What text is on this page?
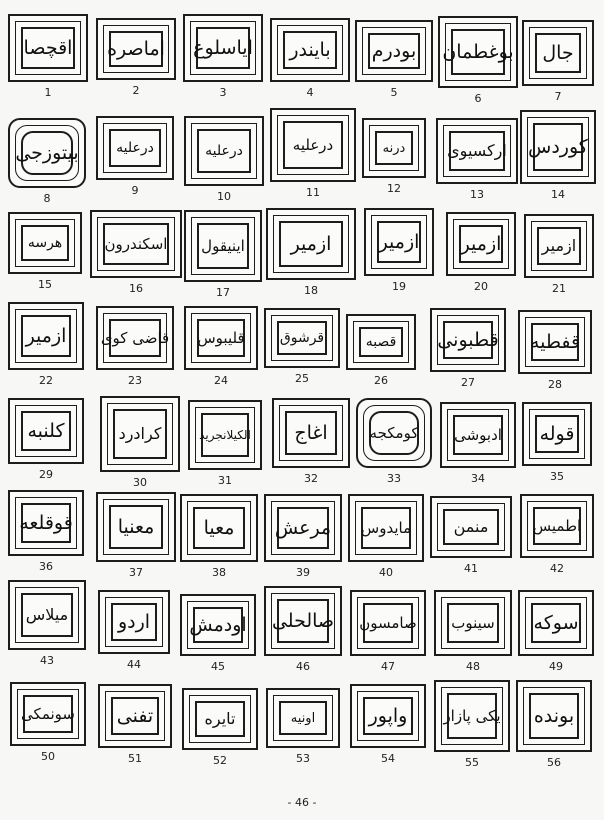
اقچصا
1
اماصره
2
ایاسلوغ
3
بایندر
4
بودرم
5
بوغطمان
6
جال
7
بیتوزجی
8
درعلیه
9
درعلیه
10
درعلیه
11
درنه
12
ارکسیوی
13
کوردس
14
هرسه
15
اسکندرون
16
اینیقول
17
ازمیر
18
ازمیر
19
ازمیر
20
ازمیر
21
ازمیر
22
قاضی کوی
23
قلیبوس
24
قرشوق
25
قصبه
26
قطبونی
27
قفطیه
28
کلنبه
29
کرادرد
30
الکیلانجرید
31
اغاج
32
کومکجه
33
ادبوشی
34
قوله
35
قوقلعه
36
معنیا
37
معیا
38
مرعش
39
مایدوس
40
منمن
41
اطمیس
42
میلاس
43
اردو
44
اودمش
45
صالحلی
46
صامسون
47
سینوب
48
سوکه
49
سونمکی
50
تفنی
51
تایره
52
اونیه
53
واپور
54
یکی پازار
55
بونده
56
- 46 -
